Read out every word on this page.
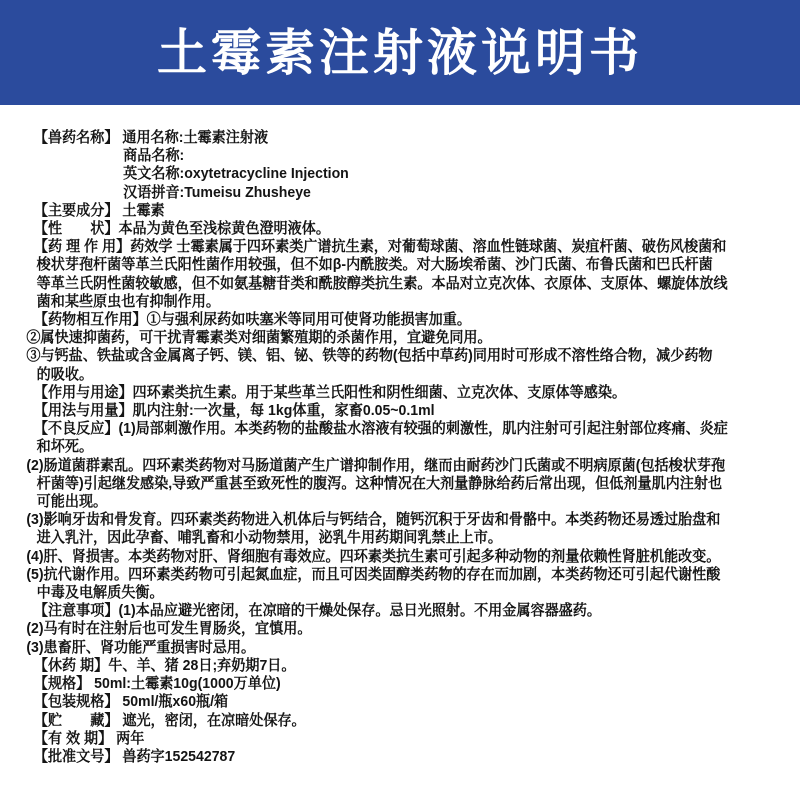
土霉素注射液说明书
【兽药名称】 通用名称:土霉素注射液
商品名称:
英文名称:oxytetracycline Injection
汉语拼音:Tumeisu Zhusheye
【主要成分】 土霉素
【性　　状】本品为黄色至浅棕黄色澄明液体。
【药 理 作 用】药效学 士霉素属于四环素类广谱抗生素，对葡萄球菌、溶血性链球菌、炭疽杆菌、破伤风梭菌和
梭状芽孢杆菌等革兰氏阳性菌作用较强，但不如β-内酰胺类。对大肠埃希菌、沙门氏菌、布鲁氏菌和巴氏杆菌
等革兰氏阴性菌较敏感，但不如氨基糖苷类和酰胺醇类抗生素。本品对立克次体、衣原体、支原体、螺旋体放线
菌和某些原虫也有抑制作用。
【药物相互作用】①与强利尿药如呋塞米等同用可使肾功能损害加重。
②属快速抑菌药，可干扰青霉素类对细菌繁殖期的杀菌作用，宜避免同用。
③与钙盐、铁盐或含金属离子钙、镁、铝、铋、铁等的药物(包括中草药)同用时可形成不溶性络合物，减少药物
的吸收。
【作用与用途】四环素类抗生素。用于某些革兰氏阳性和阴性细菌、立克次体、支原体等感染。
【用法与用量】肌内注射:一次量，每 1kg体重，家畜0.05~0.1ml
【不良反应】(1)局部刺激作用。本类药物的盐酸盐水溶液有较强的刺激性，肌内注射可引起注射部位疼痛、炎症
和坏死。
(2)肠道菌群素乱。四环素类药物对马肠道菌产生广谱抑制作用，继而由耐药沙门氏菌或不明病原菌(包括梭状芽孢
杆菌等)引起继发感染,导致严重甚至致死性的腹泻。这种情况在大剂量静脉给药后常出现，但低剂量肌内注射也
可能出现。
(3)影响牙齿和骨发育。四环素类药物进入机体后与钙结合，随钙沉积于牙齿和骨骼中。本类药物还易透过胎盘和
进入乳汁，因此孕畜、哺乳畜和小动物禁用，泌乳牛用药期间乳禁止上市。
(4)肝、肾损害。本类药物对肝、肾细胞有毒效应。四环素类抗生素可引起多种动物的剂量依赖性肾脏机能改变。
(5)抗代谢作用。四环素类药物可引起氮血症，而且可因类固醇类药物的存在而加剧，本类药物还可引起代谢性酸
中毒及电解质失衡。
【注意事项】(1)本品应避光密闭，在凉暗的干燥处保存。忌日光照射。不用金属容器盛药。
(2)马有时在注射后也可发生胃肠炎，宜慎用。
(3)患畜肝、肾功能严重损害时忌用。
【休药 期】牛、羊、猪 28日;弃奶期7日。
【规格】 50ml:土霉素10g(1000万单位)
【包装规格】 50ml/瓶x60瓶/箱
【贮　　藏】 遮光，密闭，在凉暗处保存。
【有 效 期】 两年
【批准文号】 兽药字152542787
